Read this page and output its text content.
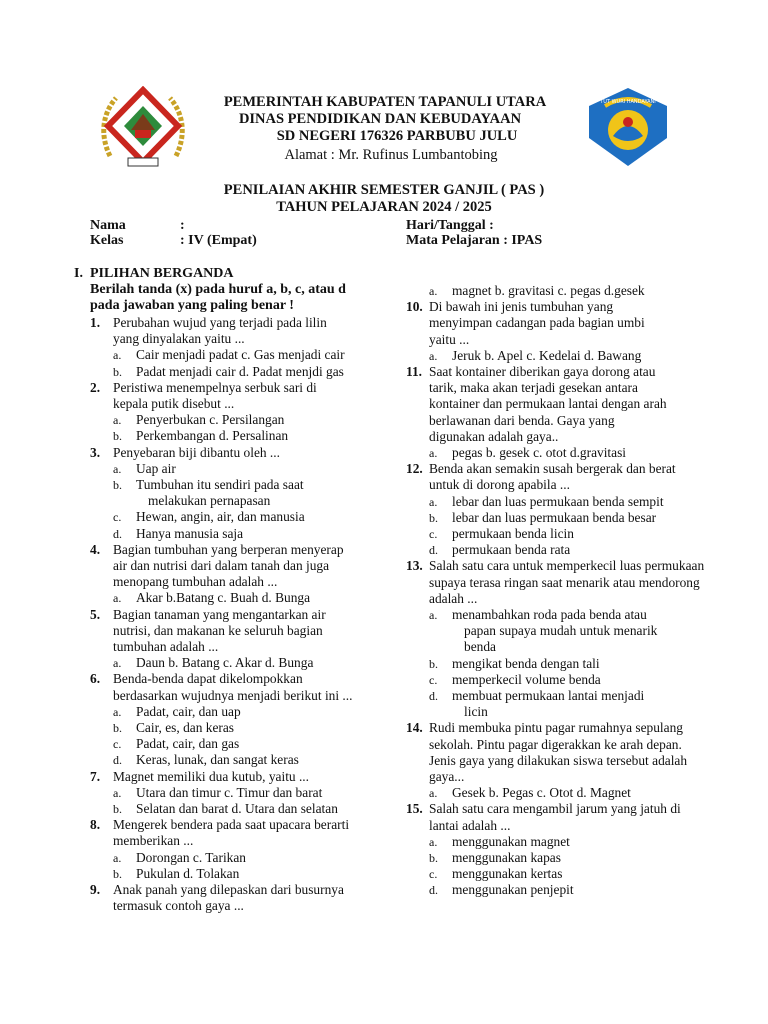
TUT WURI HANDAYANI
PEMERINTAH KABUPATEN TAPANULI UTARA
DINAS PENDIDIKAN DAN KEBUDAYAAN
SD NEGERI 176326 PARBUBU JULU
Alamat : Mr. Rufinus Lumbantobing
PENILAIAN AKHIR SEMESTER GANJIL ( PAS )
TAHUN PELAJARAN 2024 / 2025
Nama	:
Kelas	: IV (Empat)
Hari/Tanggal :
Mata Pelajaran : IPAS
I. PILIHAN BERGANDA
Berilah tanda (x) pada huruf a, b, c, atau d
pada jawaban yang paling benar !
1. Perubahan wujud yang terjadi pada lilin
yang dinyalakan yaitu ...
a. Cair menjadi padat c. Gas menjadi cair
b. Padat menjadi cair d. Padat menjdi gas
2. Peristiwa menempelnya serbuk sari di
kepala putik disebut ...
a. Penyerbukan c. Persilangan
b. Perkembangan d. Persalinan
3. Penyebaran biji dibantu oleh ...
a. Uap air
b. Tumbuhan itu sendiri pada saat
melakukan pernapasan
c. Hewan, angin, air, dan manusia
d. Hanya manusia saja
4. Bagian tumbuhan yang berperan menyerap
air dan nutrisi dari dalam tanah dan juga
menopang tumbuhan adalah ...
a. Akar b.Batang c. Buah d. Bunga
5. Bagian tanaman yang mengantarkan air
nutrisi, dan makanan ke seluruh bagian
tumbuhan adalah ...
a. Daun b. Batang c. Akar d. Bunga
6. Benda-benda dapat dikelompokkan
berdasarkan wujudnya menjadi berikut ini ...
a. Padat, cair, dan uap
b. Cair, es, dan keras
c. Padat, cair, dan gas
d. Keras, lunak, dan sangat keras
7. Magnet memiliki dua kutub, yaitu ...
a. Utara dan timur c. Timur dan barat
b. Selatan dan barat d. Utara dan selatan
8. Mengerek bendera pada saat upacara berarti
memberikan ...
a. Dorongan c. Tarikan
b. Pukulan d. Tolakan
9. Anak panah yang dilepaskan dari busurnya
termasuk contoh gaya ...
a. magnet b. gravitasi c. pegas d.gesek
10. Di bawah ini jenis tumbuhan yang
menyimpan cadangan pada bagian umbi
yaitu ...
a. Jeruk b. Apel c. Kedelai d. Bawang
11. Saat kontainer diberikan gaya dorong atau
tarik, maka akan terjadi gesekan antara
kontainer dan permukaan lantai dengan arah
berlawanan dari benda. Gaya yang
digunakan adalah gaya..
a. pegas b. gesek c. otot d.gravitasi
12. Benda akan semakin susah bergerak dan berat
untuk di dorong apabila ...
a. lebar dan luas permukaan benda sempit
b. lebar dan luas permukaan benda besar
c. permukaan benda licin
d. permukaan benda rata
13. Salah satu cara untuk memperkecil luas permukaan
supaya terasa ringan saat menarik atau mendorong
adalah ...
a. menambahkan roda pada benda atau
papan supaya mudah untuk menarik
benda
b. mengikat benda dengan tali
c. memperkecil volume benda
d. membuat permukaan lantai menjadi
licin
14. Rudi membuka pintu pagar rumahnya sepulang
sekolah. Pintu pagar digerakkan ke arah depan.
Jenis gaya yang dilakukan siswa tersebut adalah
gaya...
a. Gesek b. Pegas c. Otot d. Magnet
15. Salah satu cara mengambil jarum yang jatuh di
lantai adalah ...
a. menggunakan magnet
b. menggunakan kapas
c. menggunakan kertas
d. menggunakan penjepit
